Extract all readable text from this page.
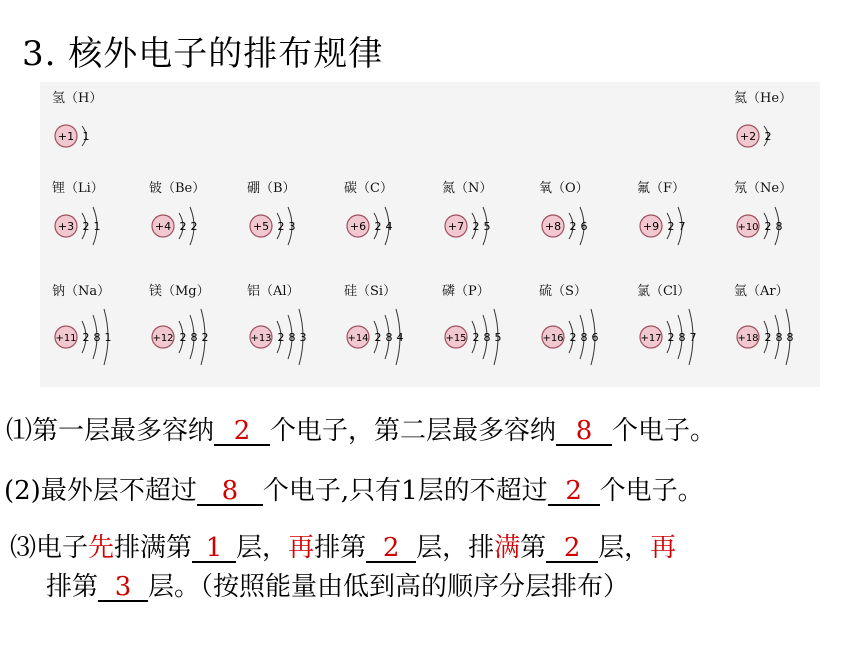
3. 核外电子的排布规律
氢（H）
+1 1
氦（He）
+2 2
锂（Li）
+3 2 1
铍（Be）
+4 2 2
硼（B）
+5 2 3
碳（C）
+6 2 4
氮（N）
+7 2 5
氧（O）
+8 2 6
氟（F）
+9 2 7
氖（Ne）
+10 2 8
钠（Na）
+11 2 8 1
镁（Mg）
+12 2 8 2
铝（Al）
+13 2 8 3
硅（Si）
+14 2 8 4
磷（P）
+15 2 8 5
硫（S）
+16 2 8 6
氯（Cl）
+17 2 8 7
氩（Ar）
+18 2 8 8
⑴第一层最多容纳 2 个电子，第二层最多容纳 8 个电子。
(2)最外层不超过 8 个电子,只有1层的不超过 2 个电子。
⑶电子先排满第 1 层，再排第 2 层，排满第 2 层，再
排第 3 层。（按照能量由低到高的顺序分层排布）
